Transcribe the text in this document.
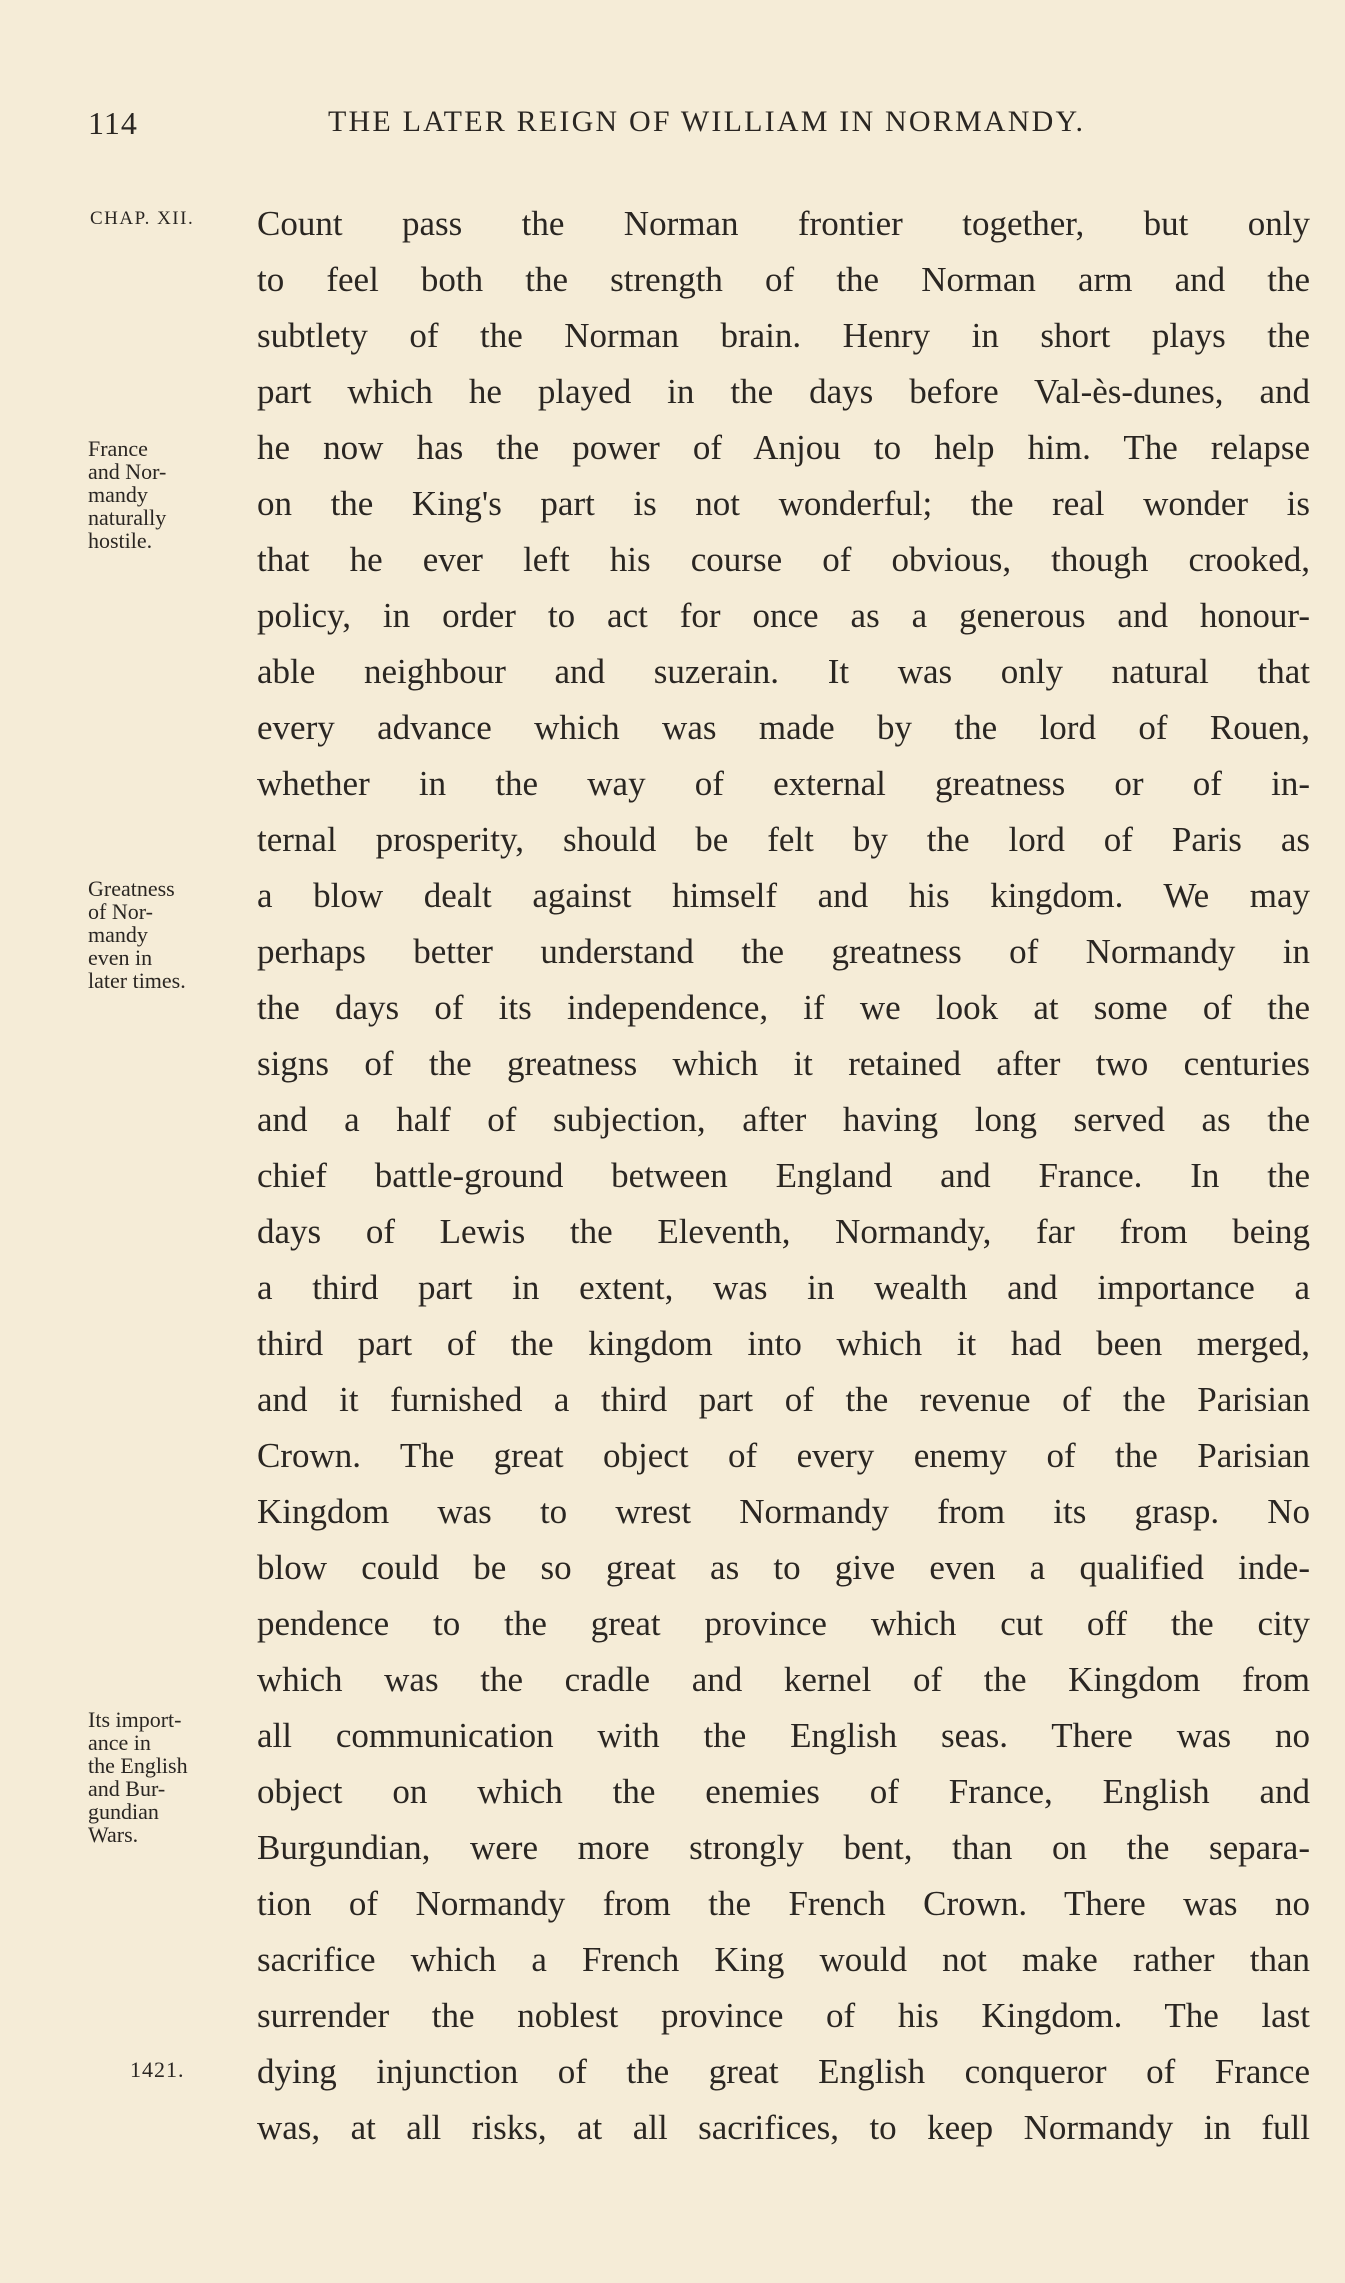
114	THE LATER REIGN OF WILLIAM IN NORMANDY.
CHAP. XII.
France
and Nor-
mandy
naturally
hostile.
Greatness
of Nor-
mandy
even in
later times.
Its import-
ance in
the English
and Bur-
gundian
Wars.
1421.
Count pass the Norman frontier together, but only
to feel both the strength of the Norman arm and the
subtlety of the Norman brain. Henry in short plays the
part which he played in the days before Val-ès-dunes, and
he now has the power of Anjou to help him. The relapse
on the King's part is not wonderful; the real wonder is
that he ever left his course of obvious, though crooked,
policy, in order to act for once as a generous and honour-
able neighbour and suzerain. It was only natural that
every advance which was made by the lord of Rouen,
whether in the way of external greatness or of in-
ternal prosperity, should be felt by the lord of Paris as
a blow dealt against himself and his kingdom. We may
perhaps better understand the greatness of Normandy in
the days of its independence, if we look at some of the
signs of the greatness which it retained after two centuries
and a half of subjection, after having long served as the
chief battle-ground between England and France. In the
days of Lewis the Eleventh, Normandy, far from being
a third part in extent, was in wealth and importance a
third part of the kingdom into which it had been merged,
and it furnished a third part of the revenue of the Parisian
Crown. The great object of every enemy of the Parisian
Kingdom was to wrest Normandy from its grasp. No
blow could be so great as to give even a qualified inde-
pendence to the great province which cut off the city
which was the cradle and kernel of the Kingdom from
all communication with the English seas. There was no
object on which the enemies of France, English and
Burgundian, were more strongly bent, than on the separa-
tion of Normandy from the French Crown. There was no
sacrifice which a French King would not make rather than
surrender the noblest province of his Kingdom. The last
dying injunction of the great English conqueror of France
was, at all risks, at all sacrifices, to keep Normandy in full
